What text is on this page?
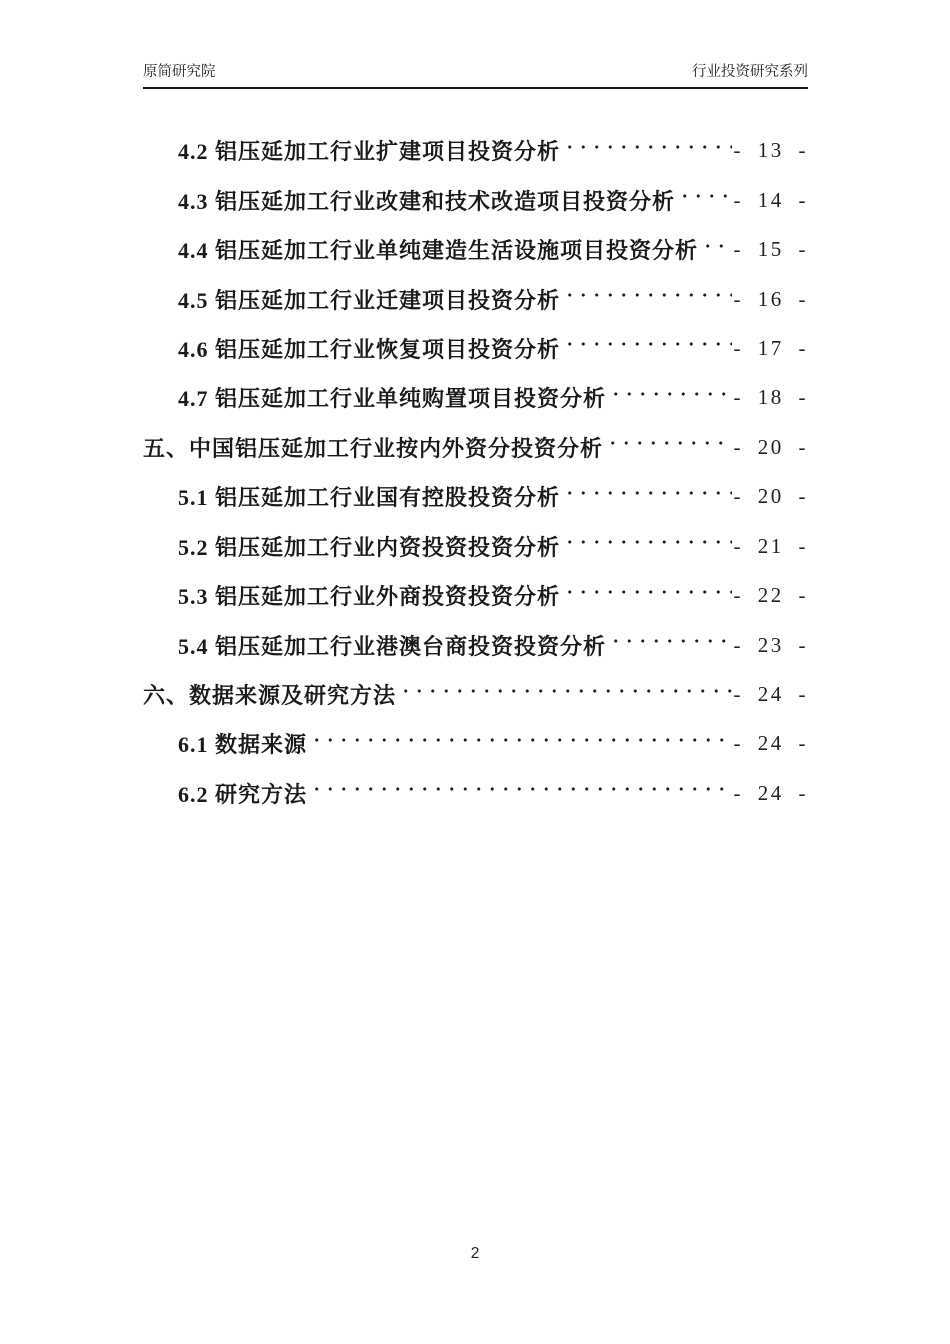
原简研究院	行业投资研究系列
4.2 铝压延加工行业扩建项目投资分析	- 13 -
4.3 铝压延加工行业改建和技术改造项目投资分析	- 14 -
4.4 铝压延加工行业单纯建造生活设施项目投资分析 - 15 -
4.5 铝压延加工行业迁建项目投资分析	- 16 -
4.6 铝压延加工行业恢复项目投资分析	- 17 -
4.7 铝压延加工行业单纯购置项目投资分析	- 18 -
五、中国铝压延加工行业按内外资分投资分析	- 20 -
5.1 铝压延加工行业国有控股投资分析	- 20 -
5.2 铝压延加工行业内资投资投资分析	- 21 -
5.3 铝压延加工行业外商投资投资分析	- 22 -
5.4 铝压延加工行业港澳台商投资投资分析	- 23 -
六、数据来源及研究方法	- 24 -
6.1 数据来源	- 24 -
6.2 研究方法	- 24 -
2
